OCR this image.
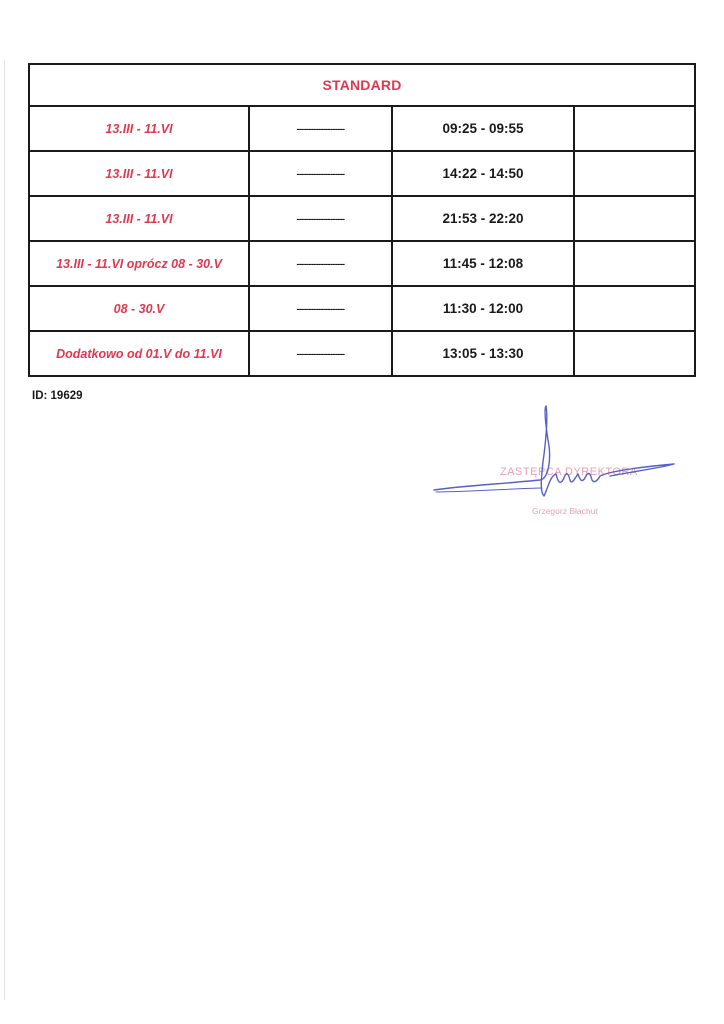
STANDARD			
13.III - 11.VI	--------------------	09:25 - 09:55	
13.III - 11.VI	--------------------	14:22 - 14:50	
13.III - 11.VI	--------------------	21:53 - 22:20	
13.III - 11.VI oprócz 08 - 30.V	--------------------	11:45 - 12:08	
08 - 30.V	--------------------	11:30 - 12:00	
Dodatkowo od 01.V do 11.VI	--------------------	13:05 - 13:30	
ID: 19629
ZASTĘPCA DYREKTORA
Grzegorz Błachut
